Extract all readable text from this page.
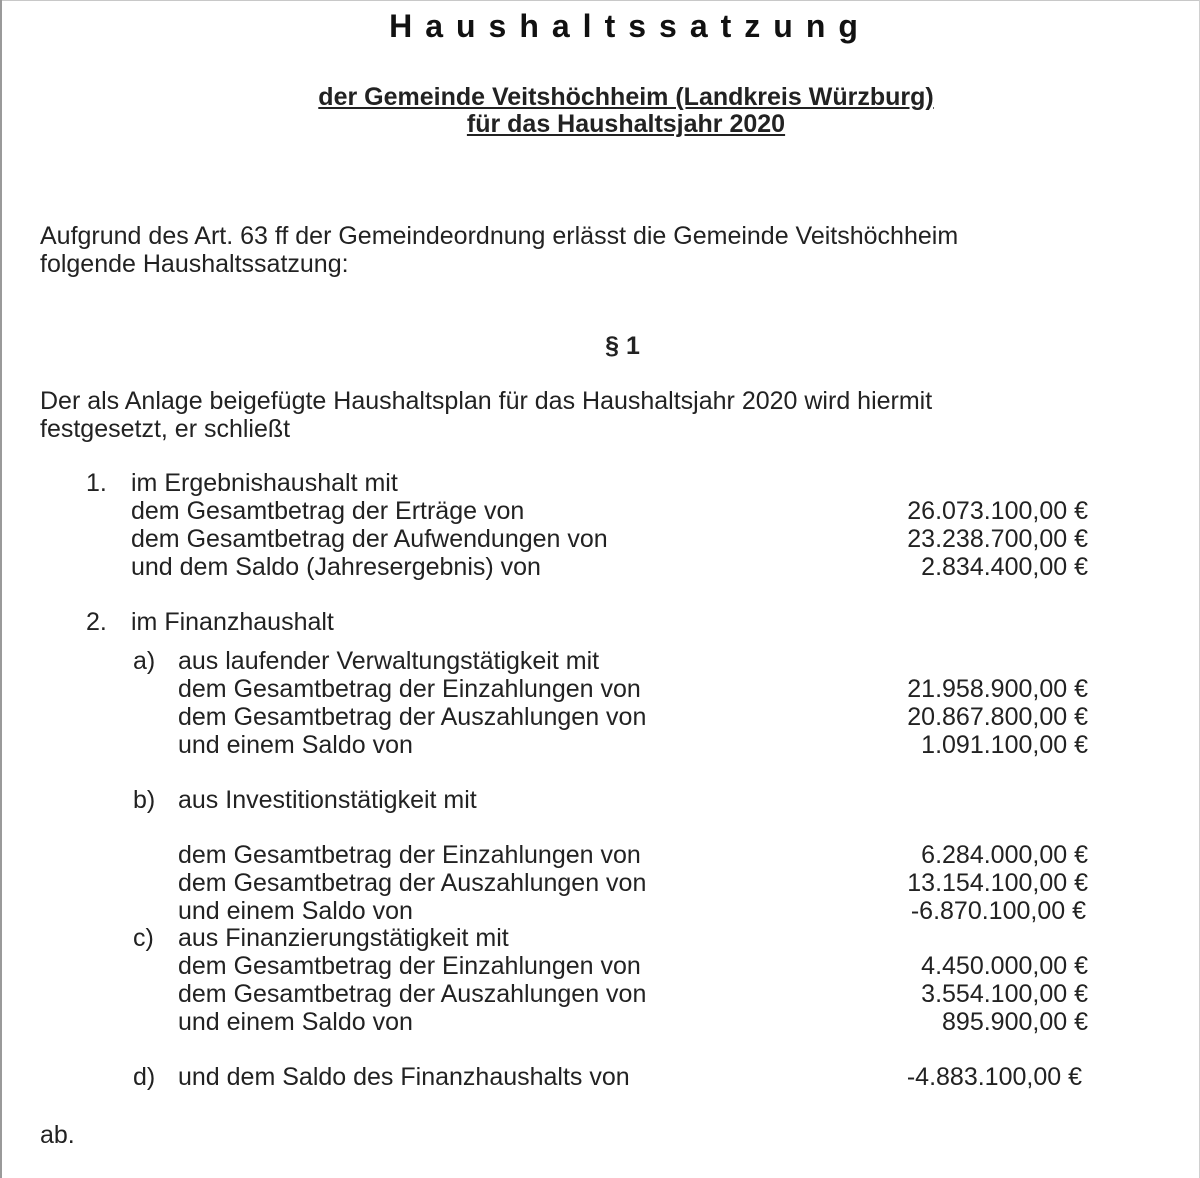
Haushaltssatzung
der Gemeinde Veitshöchheim (Landkreis Würzburg)
für das Haushaltsjahr 2020
Aufgrund des Art. 63 ff der Gemeindeordnung erlässt die Gemeinde Veitshöchheim
folgende Haushaltssatzung:
§ 1
Der als Anlage beigefügte Haushaltsplan für das Haushaltsjahr 2020 wird hiermit
festgesetzt, er schließt
1. im Ergebnishaushalt mit
dem Gesamtbetrag der Erträge von	26.073.100,00 €
dem Gesamtbetrag der Aufwendungen von	23.238.700,00 €
und dem Saldo (Jahresergebnis) von	2.834.400,00 €
2. im Finanzhaushalt
a) aus laufender Verwaltungstätigkeit mit
dem Gesamtbetrag der Einzahlungen von	21.958.900,00 €
dem Gesamtbetrag der Auszahlungen von	20.867.800,00 €
und einem Saldo von	1.091.100,00 €
b) aus Investitionstätigkeit mit
dem Gesamtbetrag der Einzahlungen von	6.284.000,00 €
dem Gesamtbetrag der Auszahlungen von	13.154.100,00 €
und einem Saldo von	-6.870.100,00 €
c) aus Finanzierungstätigkeit mit
dem Gesamtbetrag der Einzahlungen von	4.450.000,00 €
dem Gesamtbetrag der Auszahlungen von	3.554.100,00 €
und einem Saldo von	895.900,00 €
d) und dem Saldo des Finanzhaushalts von	-4.883.100,00 €
ab.
